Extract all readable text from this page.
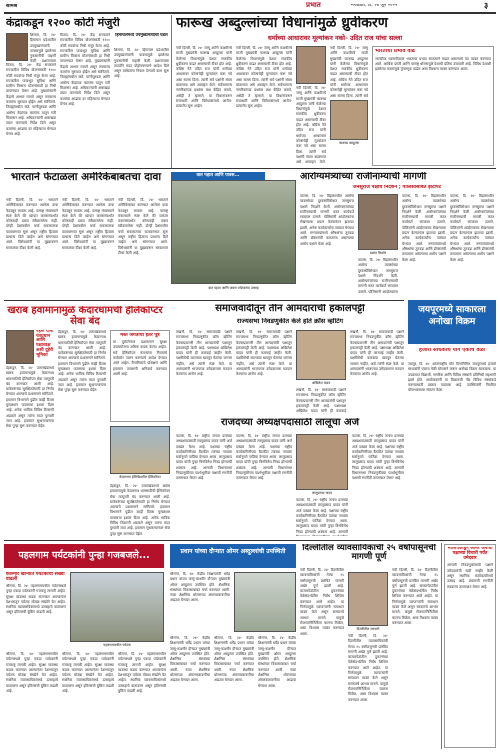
संमिश्र	प्रभात	मंगळवार, दि. २४ जून २०२५	३
कंद्राकडून १२०० कोटी मंजुरी
विजय, दि. २४- केंद्र सरकारने राज्यातील विविध योजनांसाठी १२०० कोटी रुपयांचा निधी मंजूर केला आहे. राज्यातील पायाभूत सुविधा आणि ग्रामीण विकास योजनांसाठी हा निधी वापरण्यात येणार आहे. मुख्यमंत्र्यांनी केंद्राचे आभार मानले असून लवकरच कामांना सुरुवात होईल असे सांगितले. जिल्ह्यांमधील रस्ते, पाणीपुरवठा आणि आरोग्य केंद्रांच्या कामांना यातून गती मिळणार आहे. अधिकाऱ्यांनी आराखडा तयार करण्याचे निर्देश दिले असून कामांचा आढावा दर महिन्याला घेण्यात येणार आहे.
शिमला, दि. २४- हिमाचल प्रदेशातील उपमुख्यमंत्र्यांनी पावसामुळे झालेल्या नुकसानीची पाहणी केली. प्रशासनाला
विजय, दि. २४- केंद्र सरकारने राज्यातील विविध योजनांसाठी १२०० कोटी रुपयांचा निधी मंजूर केला आहे. राज्यातील पायाभूत सुविधा आणि ग्रामीण विकास योजनांसाठी हा निधी वापरण्यात येणार आहे. मुख्यमंत्र्यांनी केंद्राचे आभार मानले असून लवकरच कामांना सुरुवात होईल असे सांगितले. जिल्ह्यांमधील रस्ते, पाणीपुरवठा आणि आरोग्य केंद्रांच्या कामांना यातून गती मिळणार आहे. अधिकाऱ्यांनी आराखडा तयार करण्याचे निर्देश दिले असून कामांचा आढावा दर महिन्याला घेण्यात येणार आहे.
हिमाचलमध्ये उपमुख्यमंत्र्यांची घडल
शिमला, दि. २४- हिमाचल प्रदेशातील उपमुख्यमंत्र्यांनी पावसामुळे झालेल्या नुकसानीची पाहणी केली. प्रशासनाला तातडीने मदत पोहोचवण्याचे आदेश दिले असून बाधितांना निवारा देण्याचे काम सुरू आहे.
फारूख अब्दुल्लांच्या विधानांमुळे ध्रुवीकरण
धर्माच्या आधारावर मूल्यांकन नको- उदित राज यांचा सल्ला
नवी दिल्ली, दि. २४- जम्मू आणि काश्मीरचे माजी मुख्यमंत्री फारूख अब्दुल्ला यांनी केलेल्या विधानांमुळे देशात राजकीय ध्रुवीकरण वाढत असल्याची टीका होत आहे. काँग्रेस नेते उदित राज यांनी धर्माच्या आधारावर कोणाचेही मूल्यांकन करू नये असा सल्ला दिला. त्यांनी सर्व पक्षांनी संयम बाळगावा असे आवाहन केले. सर्वसामान्य नागरिकांच्या प्रश्नांवर लक्ष केंद्रित करावे, असेही ते म्हणाले. या विधानांवरून सत्ताधारी आणि विरोधकांमध्ये आरोप-प्रत्यारोप सुरू आहेत.
नवी दिल्ली, दि. २४- जम्मू आणि काश्मीरचे माजी मुख्यमंत्री फारूख अब्दुल्ला यांनी केलेल्या विधानांमुळे देशात राजकीय ध्रुवीकरण वाढत असल्याची टीका होत आहे. काँग्रेस नेते उदित राज यांनी धर्माच्या आधारावर कोणाचेही मूल्यांकन करू नये असा सल्ला दिला. त्यांनी सर्व पक्षांनी संयम बाळगावा असे आवाहन केले. सर्वसामान्य नागरिकांच्या प्रश्नांवर लक्ष केंद्रित करावे, असेही ते म्हणाले. या विधानांवरून सत्ताधारी आणि विरोधकांमध्ये आरोप-प्रत्यारोप सुरू आहेत.
नवी दिल्ली, दि. २४- जम्मू आणि काश्मीरचे माजी मुख्यमंत्री फारूख अब्दुल्ला यांनी केलेल्या विधानांमुळे देशात राजकीय ध्रुवीकरण वाढत असल्याची टीका होत आहे. काँग्रेस नेते उदित राज यांनी धर्माच्या आधारावर कोणाचेही मूल्यांकन करू नये असा सल्ला दिला. त्यांनी सर्व पक्षांनी संयम बाळगावा असे आवाहन केले.
फारूख अब्दुल्ला
नवी दिल्ली, दि. २४- जम्मू आणि काश्मीरचे माजी मुख्यमंत्री फारूख अब्दुल्ला यांनी केलेल्या विधानांमुळे देशात राजकीय ध्रुवीकरण वाढत असल्याची टीका होत आहे. काँग्रेस नेते उदित राज यांनी धर्माच्या आधारावर कोणाचेही मूल्यांकन करू नये असा सल्ला दिला. त्यांनी सर्व
भारताचा प्रभाव वाढ
जागतिक व्यासपीठावर भारताचा प्रभाव सातत्याने वाढत असल्याचे मत व्यक्त करण्यात आले. आर्थिक प्रगती आणि परराष्ट्र धोरणामुळे देशाची प्रतिमा उंचावली आहे. विविध देशांशी झालेल्या करारांमुळे गुंतवणूक वाढेल असा विश्वास व्यक्त करण्यात आला.
भारताने फेटाळला अमेरिकेबाबतचा दावा
नवी दिल्ली, दि. २४- भारताने अमेरिकेबाबत करण्यात आलेला दावा फेटाळून लावला आहे. परराष्ट्र मंत्रालयाने स्पष्ट केले की व्यापार करारासंदर्भात कोणताही दबाव स्वीकारलेला नाही. दोन्ही देशांमधील चर्चा सकारात्मक वातावरणात सुरू असून राष्ट्रीय हिताला प्राधान्य दिले जाईल असे सांगण्यात आले. विरोधकांनी या मुद्द्यावरून सरकारवर टीका केली आहे.
नवी दिल्ली, दि. २४- भारताने अमेरिकेबाबत करण्यात आलेला दावा फेटाळून लावला आहे. परराष्ट्र मंत्रालयाने स्पष्ट केले की व्यापार करारासंदर्भात कोणताही दबाव स्वीकारलेला नाही. दोन्ही देशांमधील चर्चा सकारात्मक वातावरणात सुरू असून राष्ट्रीय हिताला प्राधान्य दिले जाईल असे सांगण्यात आले. विरोधकांनी या मुद्द्यावरून सरकारवर टीका केली आहे.
नवी दिल्ली, दि. २४- भारताने अमेरिकेबाबत करण्यात आलेला दावा फेटाळून लावला आहे. परराष्ट्र मंत्रालयाने स्पष्ट केले की व्यापार करारासंदर्भात कोणताही दबाव स्वीकारलेला नाही. दोन्ही देशांमधील चर्चा सकारात्मक वातावरणात सुरू असून राष्ट्रीय हिताला प्राधान्य दिले जाईल असे सांगण्यात आले. विरोधकांनी या मुद्द्यावरून सरकारवर टीका केली आहे.
वात पहात आणि पावस...
वात पहात आणि पावस पर्यटकांचा उत्साह
आरोग्यमंत्र्यांच्या राजीनाम्याची मागणी
जनसुराज पक्षाचे निदर्शने ; पोलिसांसोबत झटापट
पाटणा, दि. २४- बिहारमधील आरोग्य व्यवस्थेच्या दुरवस्थेविरोधात जनसुराज पक्षाने निदर्शने केली. आरोग्यमंत्र्यांच्या राजीनाम्याची मागणी करत कार्यकर्ते रस्त्यावर उतरले. पोलिसांनी आंदोलकांना रोखण्याचा प्रयत्न केल्यानंतर झटापट झाली. अनेक कार्यकर्त्यांना ताब्यात घेण्यात आले. रुग्णालयांमध्ये औषधांचा तुटवडा आणि डॉक्टरांची कमतरता असल्याचा आरोप पक्षाने केला आहे.
प्रशांत किशोर
पाटणा, दि. २४- बिहारमधील आरोग्य व्यवस्थेच्या दुरवस्थेविरोधात जनसुराज पक्षाने निदर्शने केली. आरोग्यमंत्र्यांच्या राजीनाम्याची मागणी करत कार्यकर्ते रस्त्यावर उतरले. पोलिसांनी आंदोलकांना
पाटणा, दि. २४- बिहारमधील आरोग्य व्यवस्थेच्या दुरवस्थेविरोधात जनसुराज पक्षाने निदर्शने केली. आरोग्यमंत्र्यांच्या राजीनाम्याची मागणी करत कार्यकर्ते रस्त्यावर उतरले. पोलिसांनी आंदोलकांना रोखण्याचा प्रयत्न केल्यानंतर झटापट झाली. अनेक कार्यकर्त्यांना ताब्यात घेण्यात आले. रुग्णालयांमध्ये औषधांचा तुटवडा आणि डॉक्टरांची कमतरता असल्याचा आरोप पक्षाने केला आहे.
पाटणा, दि. २४- बिहारमधील आरोग्य व्यवस्थेच्या दुरवस्थेविरोधात जनसुराज पक्षाने निदर्शने केली. आरोग्यमंत्र्यांच्या राजीनाम्याची मागणी करत कार्यकर्ते रस्त्यावर उतरले. पोलिसांनी आंदोलकांना रोखण्याचा प्रयत्न केल्यानंतर झटापट झाली. अनेक कार्यकर्त्यांना ताब्यात घेण्यात आले. रुग्णालयांमध्ये औषधांचा तुटवडा आणि डॉक्टरांची कमतरता असल्याचा आरोप पक्षाने केला आहे.
खराब हवामानामुळे केदारधामची हेलिकॉप्टर सेवा बंद
डेहराडून, दि. २४- उत्तराखंडमध्ये खराब हवामानामुळे केदारनाथ धामसाठीची हेलिकॉप्टर सेवा तात्पुरती बंद करण्यात आली आहे. यात्रेकरूंच्या सुरक्षिततेसाठी हा निर्णय घेण्यात आल्याचे प्रशासनाने सांगितले. हवामान विभागाने पुढील काही दिवस मुसळधार पावसाचा इशारा दिला आहे. अनेक भाविक विविध ठिकाणी अडकले असून त्यांना मदत पुरवली जात आहे. हवामान सुधारल्यानंतर सेवा पुन्हा सुरू करण्यात येईल.
नेहरू यांनी पंतप्रधान आणि पक्षाध्यक्ष अशी दुहेरी भूमिका
डेहराडून, दि. २४- उत्तराखंडमध्ये खराब हवामानामुळे केदारनाथ धामसाठीची हेलिकॉप्टर सेवा तात्पुरती बंद करण्यात आली आहे. यात्रेकरूंच्या सुरक्षिततेसाठी हा निर्णय घेण्यात आल्याचे प्रशासनाने सांगितले. हवामान विभागाने पुढील काही दिवस मुसळधार पावसाचा इशारा दिला आहे. अनेक भाविक विविध ठिकाणी अडकले असून त्यांना मदत पुरवली जात आहे. हवामान सुधारल्यानंतर सेवा पुन्हा सुरू करण्यात येईल.
मस्त जगताचा इतर पूत्र
या दुर्घटनेनंतर प्रशासनाने सुरक्षा उपाययोजना अधिक कडक केल्या आहेत. सर्व हेलिकॉप्टर कंपन्यांना नियमांचे काटेकोर पालन करण्याचे आदेश देण्यात आले आहेत. वैमानिकांचे प्रशिक्षण आणि हवामान तपासणी अनिवार्य करण्यात आली आहे.
केदारनाथ हेलिपॅडवरील हेलिकॉप्टर
डेहराडून, दि. २४- उत्तराखंडमध्ये खराब हवामानामुळे केदारनाथ धामसाठीची हेलिकॉप्टर सेवा तात्पुरती बंद करण्यात आली आहे. यात्रेकरूंच्या सुरक्षिततेसाठी हा निर्णय घेण्यात आल्याचे प्रशासनाने सांगितले. हवामान विभागाने पुढील काही दिवस मुसळधार पावसाचा इशारा दिला आहे. अनेक भाविक विविध ठिकाणी अडकले असून त्यांना मदत पुरवली जात आहे. हवामान सुधारल्यानंतर सेवा पुन्हा सुरू करण्यात येईल.
समाजवादीतून तीन आमदारांची हकालपट्टी
राज्यसभा निवडणुकीत केले होते क्रॉस व्होटिंग
लखनौ, दि. २४- समाजवादी पक्षाने राज्यसभा निवडणुकीत क्रॉस व्होटिंग केल्याप्रकरणी तीन आमदारांची पक्षातून हकालपट्टी केली आहे. पक्षाध्यक्ष अखिलेश यादव यांनी ही कारवाई जाहीर केली. पक्षविरोधी कारवाया खपवून घेतल्या जाणार नाहीत, असे त्यांनी स्पष्ट केले. या आमदारांनी भाजपच्या उमेदवाराला मतदान केल्याचा आरोप आहे.
लखनौ, दि. २४- समाजवादी पक्षाने राज्यसभा निवडणुकीत क्रॉस व्होटिंग केल्याप्रकरणी तीन आमदारांची पक्षातून हकालपट्टी केली आहे. पक्षाध्यक्ष अखिलेश यादव यांनी ही कारवाई जाहीर केली. पक्षविरोधी कारवाया खपवून घेतल्या जाणार नाहीत, असे त्यांनी स्पष्ट केले. या आमदारांनी भाजपच्या उमेदवाराला मतदान केल्याचा आरोप आहे.
अखिलेश यादव
लखनौ, दि. २४- समाजवादी पक्षाने राज्यसभा निवडणुकीत क्रॉस व्होटिंग केल्याप्रकरणी तीन आमदारांची पक्षातून हकालपट्टी केली आहे. पक्षाध्यक्ष अखिलेश यादव यांनी ही कारवाई जाहीर केली. पक्षविरोधी कारवाया खपवून घेतल्या जाणार नाहीत, असे त्यांनी स्पष्ट केले. या आमदारांनी भाजपच्या उमेदवाराला मतदान केल्याचा आरोप आहे.
लखनौ, दि. २४- समाजवादी पक्षाने राज्यसभा निवडणुकीत क्रॉस व्होटिंग केल्याप्रकरणी तीन आमदारांची पक्षातून हकालपट्टी केली आहे. पक्षाध्यक्ष अखिलेश यादव यांनी ही कारवाई
राजदच्या अध्यक्षपदासाठी लालूंचा अर्ज
पाटणा, दि. २४- राष्ट्रीय जनता दलाच्या अध्यक्षपदासाठी लालूप्रसाद यादव यांनी अर्ज दाखल केला आहे. पक्षाच्या राष्ट्रीय कार्यकारिणीच्या बैठकीत त्यांच्या नावाला सर्वानुमते पाठिंबा देण्यात आला. लालूप्रसाद यादव यांची पुन्हा बिनविरोध निवड होण्याची शक्यता आहे. आगामी विधानसभा निवडणुकीच्या पार्श्वभूमीवर पक्षाची रणनीती ठरवण्यात येणार आहे.
पाटणा, दि. २४- राष्ट्रीय जनता दलाच्या अध्यक्षपदासाठी लालूप्रसाद यादव यांनी अर्ज दाखल केला आहे. पक्षाच्या राष्ट्रीय कार्यकारिणीच्या बैठकीत त्यांच्या नावाला सर्वानुमते पाठिंबा देण्यात आला. लालूप्रसाद यादव यांची पुन्हा बिनविरोध निवड होण्याची शक्यता आहे. आगामी विधानसभा निवडणुकीच्या पार्श्वभूमीवर पक्षाची रणनीती ठरवण्यात येणार आहे.
लालूप्रसाद यादव
पाटणा, दि. २४- राष्ट्रीय जनता दलाच्या अध्यक्षपदासाठी लालूप्रसाद यादव यांनी अर्ज दाखल केला आहे. पक्षाच्या राष्ट्रीय कार्यकारिणीच्या बैठकीत त्यांच्या नावाला सर्वानुमते पाठिंबा देण्यात आला. लालूप्रसाद यादव यांची पुन्हा बिनविरोध निवड होण्याची शक्यता आहे. आगामी
पाटणा, दि. २४- राष्ट्रीय जनता दलाच्या अध्यक्षपदासाठी लालूप्रसाद यादव यांनी अर्ज दाखल केला आहे. पक्षाच्या राष्ट्रीय कार्यकारिणीच्या बैठकीत त्यांच्या नावाला सर्वानुमते पाठिंबा देण्यात आला. लालूप्रसाद यादव यांची पुन्हा बिनविरोध निवड होण्याची शक्यता आहे. आगामी विधानसभा निवडणुकीच्या पार्श्वभूमीवर पक्षाची रणनीती ठरवण्यात येणार आहे.
जयपूरमध्ये साकारला अनोखा विक्रम
हजारो साधकांचे योग एकाच वेळी
जयपूर, दि. २४- आंतरराष्ट्रीय योग दिनानिमित्त जयपूरमध्ये हजारो साधकांनी एकाच वेळी योगासने करून अनोखा विक्रम साकारला. या उपक्रमात विद्यार्थी, नागरिक आणि विविध संस्थांचे प्रतिनिधी सहभागी झाले होते. आयोजकांनी या विक्रमाची नोंद विविध संस्थांकडे करण्यासाठी प्रस्ताव पाठवला आहे. उपस्थितांनी नियमित योगाभ्यासाचा संकल्प केला.
पहलगाम पर्यटकांनी पुन्हा गजबजले...
काश्मीर खोऱ्यात पर्यटकांची संख्या वाढली
श्रीनगर, दि. २४- पहलगाममधील पर्यटनस्थळे पुन्हा एकदा पर्यटकांनी गजबजू लागली आहेत. सुरक्षा व्यवस्था कडक करण्यात आल्यानंतर देशभरातून पर्यटक मोठ्या संख्येने येत आहेत. स्थानिक व्यावसायिकांमध्ये उत्साहाचे वातावरण असून हॉटेल्सची बुकिंग वाढली आहे.
पहलगाममधील पर्यटक
श्रीनगर, दि. २४- पहलगाममधील पर्यटनस्थळे पुन्हा एकदा पर्यटकांनी गजबजू लागली आहेत. सुरक्षा व्यवस्था कडक करण्यात आल्यानंतर देशभरातून पर्यटक मोठ्या संख्येने येत आहेत. स्थानिक व्यावसायिकांमध्ये उत्साहाचे वातावरण असून हॉटेल्सची बुकिंग वाढली आहे.
श्रीनगर, दि. २४- पहलगाममधील पर्यटनस्थळे पुन्हा एकदा पर्यटकांनी गजबजू लागली आहेत. सुरक्षा व्यवस्था कडक करण्यात आल्यानंतर देशभरातून पर्यटक मोठ्या संख्येने येत आहेत. स्थानिक व्यावसायिकांमध्ये उत्साहाचे वातावरण असून हॉटेल्सची बुकिंग वाढली आहे.
श्रीनगर, दि. २४- पहलगाममधील पर्यटनस्थळे पुन्हा एकदा पर्यटकांनी गजबजू लागली आहेत. सुरक्षा व्यवस्था कडक करण्यात आल्यानंतर देशभरातून पर्यटक मोठ्या संख्येने येत आहेत. स्थानिक व्यावसायिकांमध्ये उत्साहाचे वातावरण असून हॉटेल्सची बुकिंग वाढली आहे.
प्रधान यांच्या दौऱ्यात ओमर अब्दुल्लांची उपस्थिती
श्रीनगर, दि. २४- केंद्रीय शिक्षणमंत्री धर्मेंद्र प्रधान यांच्या जम्मू-काश्मीर दौऱ्यात मुख्यमंत्री ओमर अब्दुल्ला उपस्थित होते. शैक्षणिक संस्थांच्या विकासाबाबत चर्चा करण्यात आली. नव्या शैक्षणिक धोरणाच्या अंमलबजावणीचा आढावा घेण्यात आला.
श्रीनगर, दि. २४- केंद्रीय शिक्षणमंत्री धर्मेंद्र प्रधान यांच्या जम्मू-काश्मीर दौऱ्यात मुख्यमंत्री ओमर अब्दुल्ला उपस्थित होते. शैक्षणिक संस्थांच्या विकासाबाबत चर्चा करण्यात आली. नव्या शैक्षणिक धोरणाच्या अंमलबजावणीचा आढावा घेण्यात आला.
श्रीनगर, दि. २४- केंद्रीय शिक्षणमंत्री धर्मेंद्र प्रधान यांच्या जम्मू-काश्मीर दौऱ्यात मुख्यमंत्री ओमर अब्दुल्ला उपस्थित होते. शैक्षणिक संस्थांच्या विकासाबाबत चर्चा करण्यात आली. नव्या शैक्षणिक धोरणाच्या अंमलबजावणीचा आढावा घेण्यात आला.
श्रीनगर, दि. २४- केंद्रीय शिक्षणमंत्री धर्मेंद्र प्रधान यांच्या जम्मू-काश्मीर दौऱ्यात मुख्यमंत्री ओमर अब्दुल्ला उपस्थित होते. शैक्षणिक संस्थांच्या विकासाबाबत चर्चा करण्यात आली. नव्या शैक्षणिक धोरणाच्या अंमलबजावणीचा आढावा घेण्यात आला.
दिल्लीतील व्यावसायिकांची २५ वर्षांपासूनची मागणी पूर्ण
नवी दिल्ली, दि. २४- दिल्लीतील व्यावसायिकांची गेल्या २५ वर्षांपासूनची प्रलंबित मागणी अखेर पूर्ण झाली आहे. बाजारपेठांतील दुकानांच्या वेळेसंदर्भातील निर्बंध शिथिल करण्यात आले आहेत. या निर्णयामुळे व्यापाऱ्यांनी समाधान व्यक्त केले असून सरकारचे आभार मानले. यामुळे रोजगारनिर्मितीला चालना मिळेल, असा विश्वास व्यक्त करण्यात आला.
दिल्लीतील व्यापारी
नवी दिल्ली, दि. २४- दिल्लीतील व्यावसायिकांची गेल्या २५ वर्षांपासूनची प्रलंबित मागणी अखेर पूर्ण झाली आहे. बाजारपेठांतील दुकानांच्या वेळेसंदर्भातील निर्बंध शिथिल करण्यात आले आहेत. या निर्णयामुळे व्यापाऱ्यांनी समाधान व्यक्त केले असून सरकारचे आभार मानले. यामुळे रोजगारनिर्मितीला चालना मिळेल, असा विश्वास व्यक्त करण्यात आला.
नवी दिल्ली, दि. २४- दिल्लीतील व्यावसायिकांची गेल्या २५ वर्षांपासूनची प्रलंबित मागणी अखेर पूर्ण झाली आहे. बाजारपेठांतील दुकानांच्या वेळेसंदर्भातील निर्बंध शिथिल करण्यात आले आहेत. या निर्णयामुळे व्यापाऱ्यांनी समाधान व्यक्त केले असून सरकारचे आभार मानले. यामुळे रोजगारनिर्मितीला चालना मिळेल, असा विश्वास व्यक्त करण्यात आला.
भोजिपंकाडून ओमर केनाचा पक्षाच्या विचारी पर्यंत उमेदवार
आगामी निवडणुकांसाठी पक्षाने उमेदवारांची यादी जाहीर केली असून स्थानिक कार्यकर्त्यांमध्ये उत्साह आहे. प्रचाराची रणनीती लवकरच ठरवण्यात येणार आहे.
